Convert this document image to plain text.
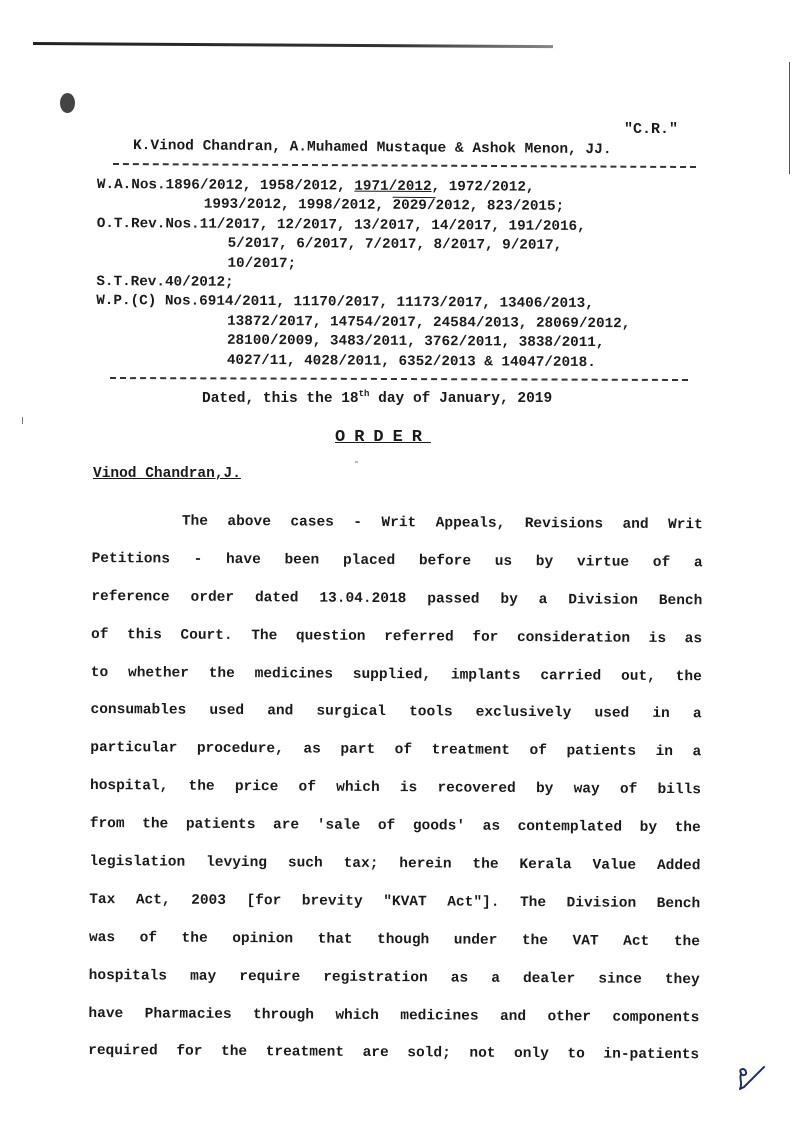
"C.R."
K.Vinod Chandran, A.Muhamed Mustaque & Ashok Menon, JJ.
W.A.Nos.1896/2012, 1958/2012, 1971/2012, 1972/2012,
1993/2012, 1998/2012, 2029/2012, 823/2015;
O.T.Rev.Nos.11/2017, 12/2017, 13/2017, 14/2017, 191/2016,
5/2017, 6/2017, 7/2017, 8/2017, 9/2017,
10/2017;
S.T.Rev.40/2012;
W.P.(C) Nos.6914/2011, 11170/2017, 11173/2017, 13406/2013,
13872/2017, 14754/2017, 24584/2013, 28069/2012,
28100/2009, 3483/2011, 3762/2011, 3838/2011,
4027/11, 4028/2011, 6352/2013 & 14047/2018.
Dated, this the 18th day of January, 2019
ORDER
Vinod Chandran,J.
The above cases - Writ Appeals, Revisions and Writ
Petitions - have been placed before us by virtue of a
reference order dated 13.04.2018 passed by a Division Bench
of this Court. The question referred for consideration is as
to whether the medicines supplied, implants carried out, the
consumables used and surgical tools exclusively used in a
particular procedure, as part of treatment of patients in a
hospital, the price of which is recovered by way of bills
from the patients are 'sale of goods' as contemplated by the
legislation levying such tax; herein the Kerala Value Added
Tax Act, 2003 [for brevity "KVAT Act"]. The Division Bench
was of the opinion that though under the VAT Act the
hospitals may require registration as a dealer since they
have Pharmacies through which medicines and other components
required for the treatment are sold; not only to in-patients
